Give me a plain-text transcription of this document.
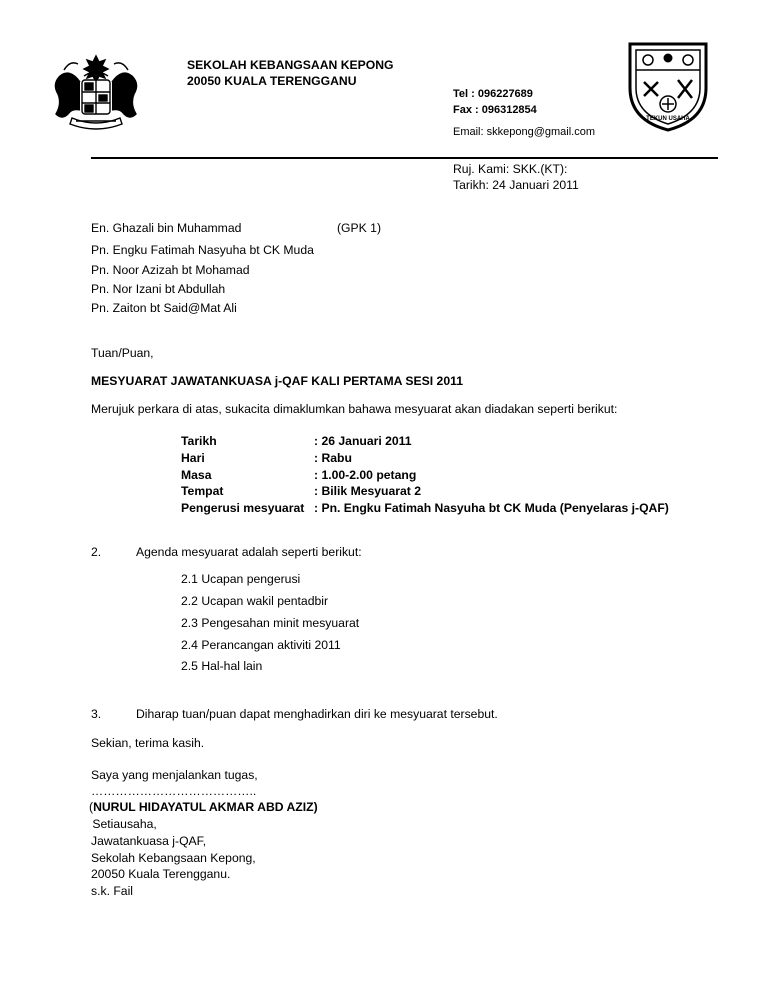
TEKUN USAHA
SEKOLAH KEBANGSAAN KEPONG
20050 KUALA TERENGGANU
Tel : 096227689
Fax : 096312854
Email: skkepong@gmail.com
Ruj. Kami: SKK.(KT):
Tarikh: 24 Januari 2011
En. Ghazali bin Muhammad	(GPK 1)
Pn. Engku Fatimah Nasyuha bt CK Muda
Pn. Noor Azizah bt Mohamad
Pn. Nor Izani bt Abdullah
Pn. Zaiton bt Said@Mat Ali
Tuan/Puan,
MESYUARAT JAWATANKUASA j-QAF KALI PERTAMA SESI 2011
Merujuk perkara di atas, sukacita dimaklumkan bahawa mesyuarat akan diadakan seperti berikut:
Tarikh	: 26 Januari 2011
Hari	: Rabu
Masa	: 1.00-2.00 petang
Tempat	: Bilik Mesyuarat 2
Pengerusi mesyuarat : Pn. Engku Fatimah Nasyuha bt CK Muda (Penyelaras j-QAF)
2.	Agenda mesyuarat adalah seperti berikut:
2.1 Ucapan pengerusi
2.2 Ucapan wakil pentadbir
2.3 Pengesahan minit mesyuarat
2.4 Perancangan aktiviti 2011
2.5 Hal-hal lain
3.	Diharap tuan/puan dapat menghadirkan diri ke mesyuarat tersebut.
Sekian, terima kasih.
Saya yang menjalankan tugas,
…………………………………..
(NURUL HIDAYATUL AKMAR ABD AZIZ)
Setiausaha,
Jawatankuasa j-QAF,
Sekolah Kebangsaan Kepong,
20050 Kuala Terengganu.
s.k. Fail
